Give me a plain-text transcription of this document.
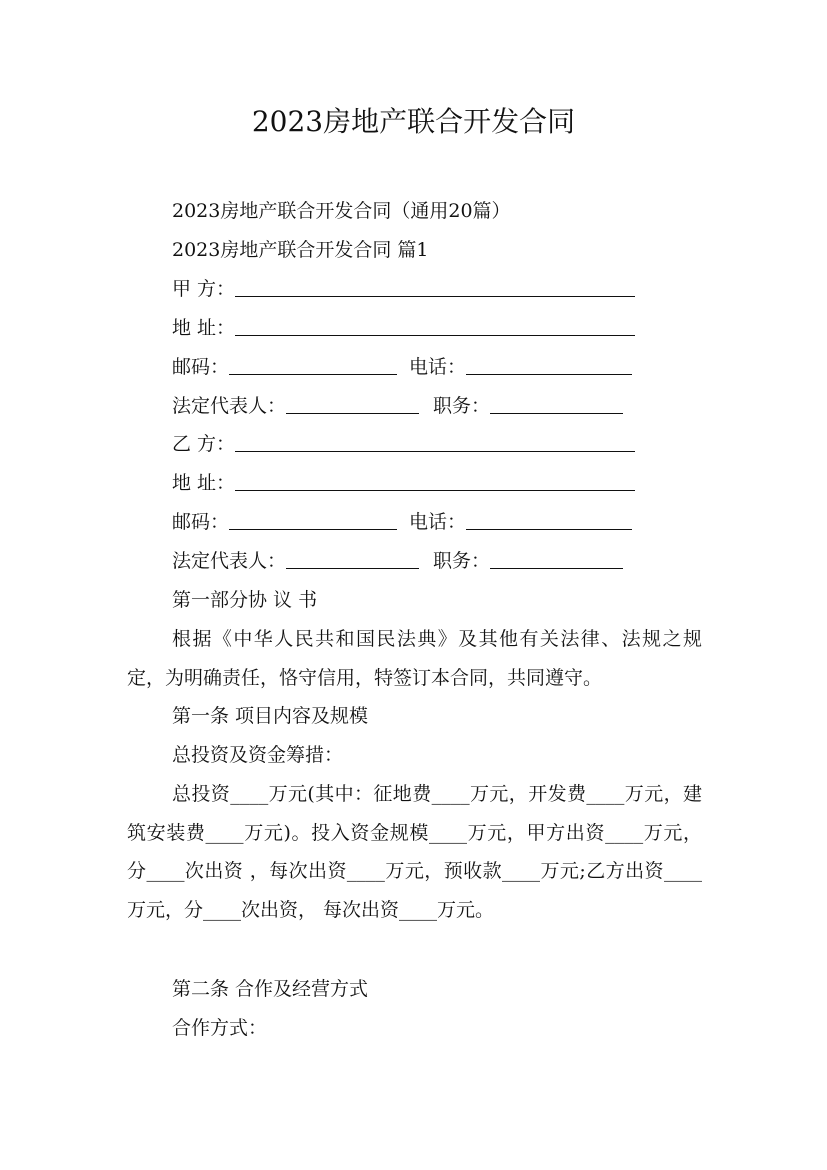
2023房地产联合开发合同
2023房地产联合开发合同（通用20篇）
2023房地产联合开发合同 篇1
甲 方：
地 址：
邮码：	电话：
法定代表人：	职务：
乙 方：
地 址：
邮码：	电话：
法定代表人：	职务：
第一部分协 议 书

根据《中华人民共和国民法典》及其他有关法律、法规之规定，为明确责任，恪守信用，特签订本合同，共同遵守。

第一条 项目内容及规模
总投资及资金筹措：

总投资____万元(其中：征地费____万元，开发费____万元，建筑安装费____万元)。投入资金规模____万元，甲方出资____万元，分____次出资 ，每次出资____万元，预收款____万元;乙方出资____万元，分____次出资， 每次出资____万元。

第二条 合作及经营方式
合作方式：
